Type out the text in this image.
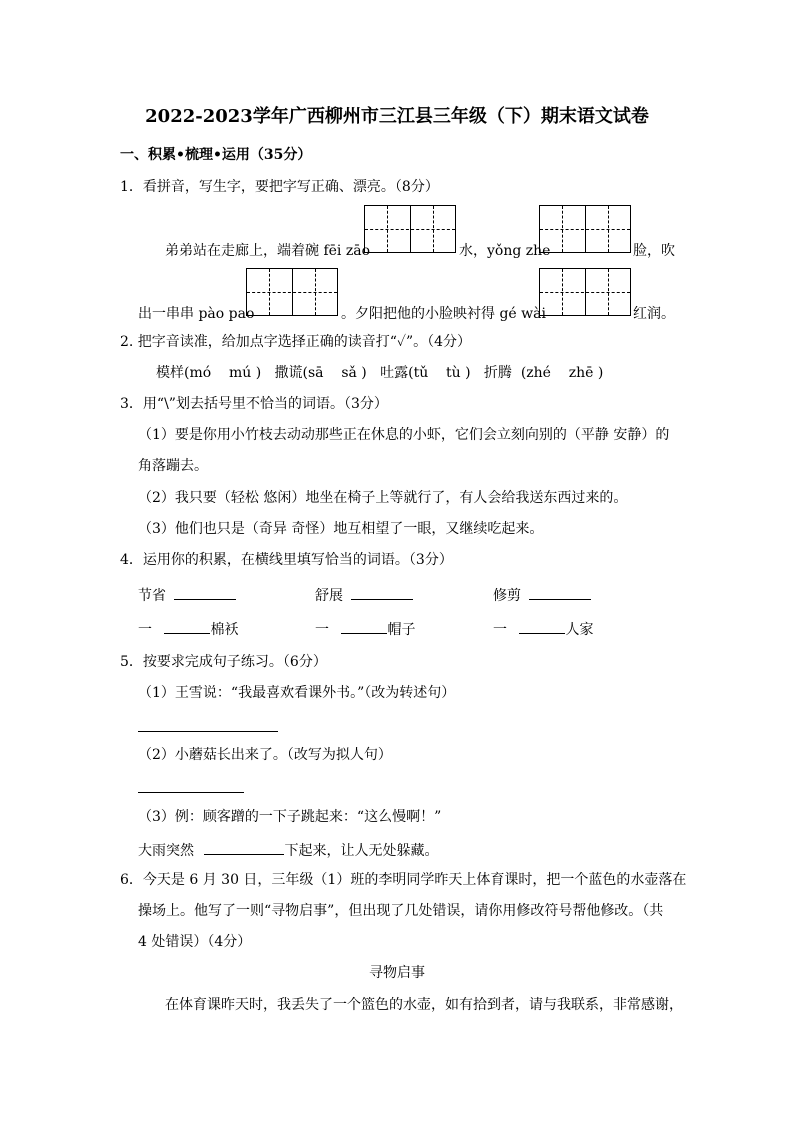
2022-2023学年广西柳州市三江县三年级（下）期末语文试卷
一、积累•梳理•运用（35分）
1．看拼音，写生字，要把字写正确、漂亮。（8分）
弟弟站在走廊上，端着碗 fēi zāo	水，yǒng zhe	脸，吹
出一串串 pào pao	。夕阳把他的小脸映衬得 gé wài	红润。
2. 把字音读准，给加点字选择正确的读音打“✓”。（4分）
模样(mó    mú )   撒谎(sā    sǎ )   吐露(tǔ    tù )   折腾  (zhé    zhē )
3．用“\”划去括号里不恰当的词语。（3分）
（1）要是你用小竹枝去动动那些正在休息的小虾，它们会立刻向别的（平静 安静）的
角落蹦去。
（2）我只要（轻松 悠闲）地坐在椅子上等就行了，有人会给我送东西过来的。
（3）他们也只是（奇异 奇怪）地互相望了一眼，又继续吃起来。
4．运用你的积累，在横线里填写恰当的词语。（3分）
节省	舒展	修剪
一	棉袄	一	帽子	一	人家
5．按要求完成句子练习。（6分）
（1）王雪说：“我最喜欢看课外书。”（改为转述句）
（2）小蘑菇长出来了。（改写为拟人句）
（3）例：顾客蹭的一下子跳起来：“这么慢啊！”
大雨突然	下起来，让人无处躲藏。
6．今天是 6 月 30 日，三年级（1）班的李明同学昨天上体育课时，把一个蓝色的水壶落在
操场上。他写了一则“寻物启事”，但出现了几处错误，请你用修改符号帮他修改。（共
4 处错误）（4分）
寻物启事
在体育课昨天时，我丢失了一个篮色的水壶，如有拾到者，请与我联系，非常感谢，
